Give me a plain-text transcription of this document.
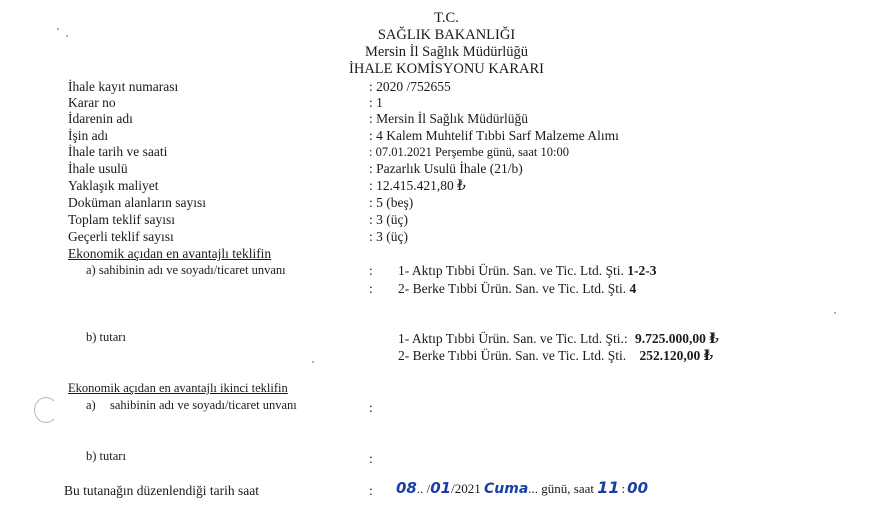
T.C.
SAĞLIK BAKANLIĞI
Mersin İl Sağlık Müdürlüğü
İHALE KOMİSYONU KARARI
İhale kayıt numarası	: 2020 /752655
Karar no	: 1
İdarenin adı	: Mersin İl Sağlık Müdürlüğü
İşin adı	: 4 Kalem Muhtelif Tıbbi Sarf Malzeme Alımı
İhale tarih ve saati	: 07.01.2021 Perşembe günü, saat 10:00
İhale usulü	: Pazarlık Usulü İhale (21/b)
Yaklaşık maliyet	: 12.415.421,80 ₺
Doküman alanların sayısı	: 5 (beş)
Toplam teklif sayısı	: 3 (üç)
Geçerli teklif sayısı	: 3 (üç)
Ekonomik açıdan en avantajlı teklifin
a) sahibinin adı ve soyadı/ticaret unvanı	: 1- Aktıp Tıbbi Ürün. San. ve Tic. Ltd. Şti. 1-2-3
: 2- Berke Tıbbi Ürün. San. ve Tic. Ltd. Şti. 4
b) tutarı	1- Aktıp Tıbbi Ürün. San. ve Tic. Ltd. Şti.: 9.725.000,00 ₺
2- Berke Tıbbi Ürün. San. ve Tic. Ltd. Şti. 252.120,00 ₺
Ekonomik açıdan en avantajlı ikinci teklifin
a) sahibinin adı ve soyadı/ticaret unvanı	:
b) tutarı	:
Bu tutanağın düzenlendiği tarih saat	: 08.. /01/2021 Cuma... günü, saat 11 : 00
